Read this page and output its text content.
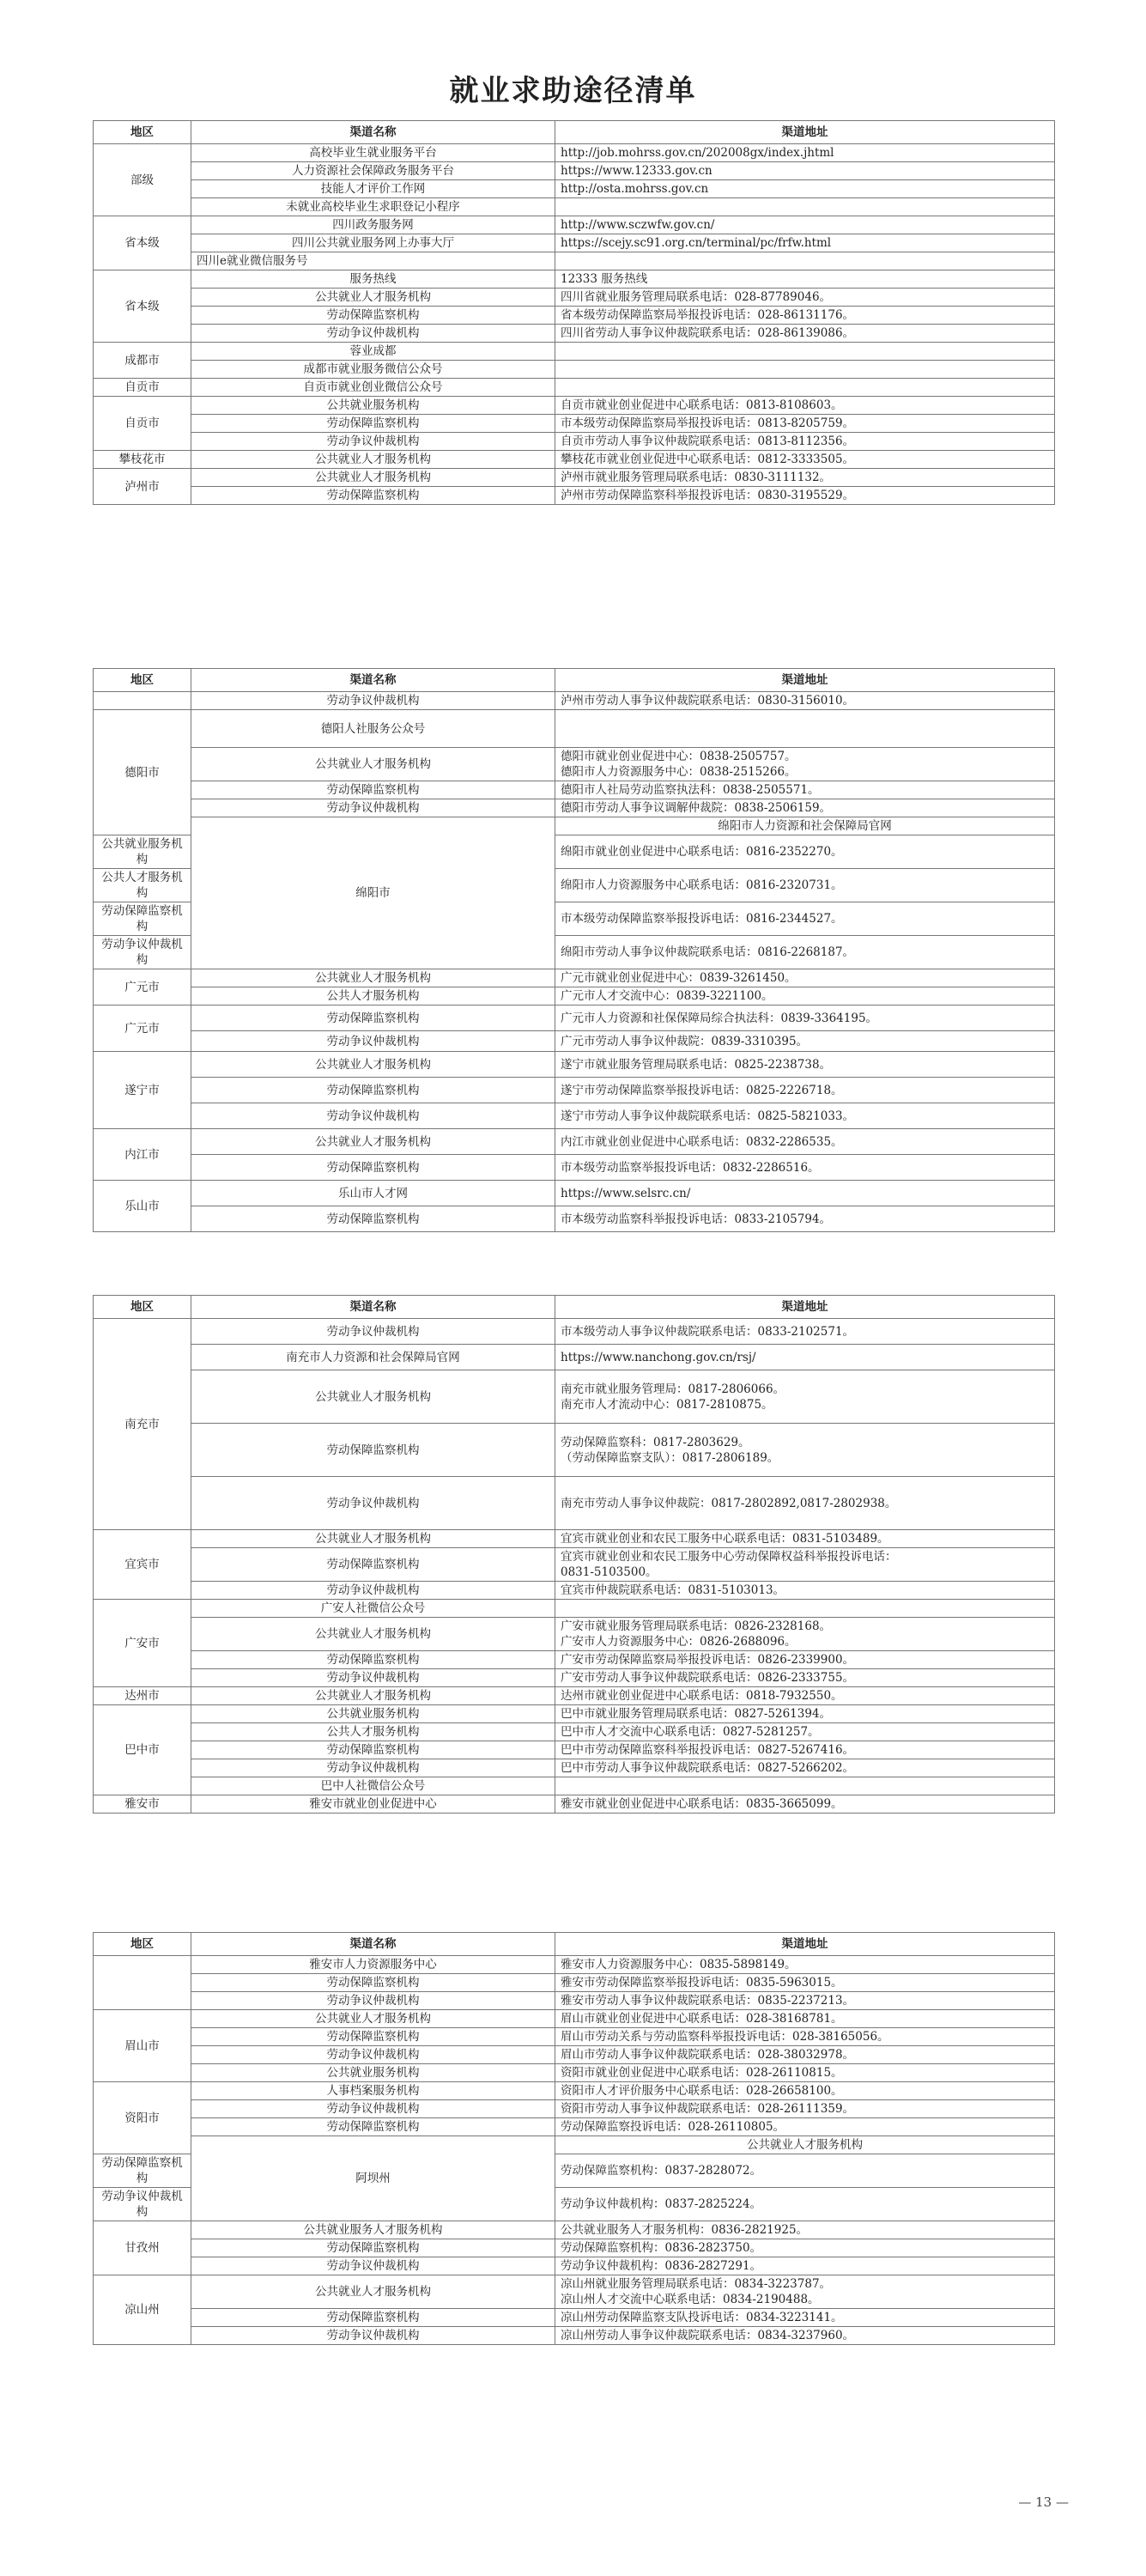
就业求助途径清单
地区	渠道名称	渠道地址
部级	高校毕业生就业服务平台	http://job.mohrss.gov.cn/202008gx/index.jhtml

	人力资源社会保障政务服务平台	https://www.12333.gov.cn

	技能人才评价工作网	http://osta.mohrss.gov.cn

	未就业高校毕业生求职登记小程序	

省本级	四川政务服务网	http://www.sczwfw.gov.cn/

	四川公共就业服务网上办事大厅	https://scejy.sc91.org.cn/terminal/pc/frfw.html

	四川e就业微信服务号	

省本级	服务热线	12333 服务热线

	公共就业人才服务机构	四川省就业服务管理局联系电话：028-87789046。

	劳动保障监察机构	省本级劳动保障监察局举报投诉电话：028-86131176。

	劳动争议仲裁机构	四川省劳动人事争议仲裁院联系电话：028-86139086。

成都市	蓉业成都	

	成都市就业服务微信公众号	

自贡市	自贡市就业创业微信公众号	

自贡市	公共就业服务机构	自贡市就业创业促进中心联系电话：0813-8108603。

	劳动保障监察机构	市本级劳动保障监察局举报投诉电话：0813-8205759。

	劳动争议仲裁机构	自贡市劳动人事争议仲裁院联系电话：0813-8112356。

攀枝花市	公共就业人才服务机构	攀枝花市就业创业促进中心联系电话：0812-3333505。

泸州市	公共就业人才服务机构	泸州市就业服务管理局联系电话：0830-3111132。

	劳动保障监察机构	泸州市劳动保障监察科举报投诉电话：0830-3195529。
地区	渠道名称	渠道地址	
	劳动争议仲裁机构	泸州市劳动人事争议仲裁院联系电话：0830-3156010。	

德阳市	德阳人社服务公众号		

	公共就业人才服务机构	德阳市就业创业促进中心：0838-2505757。
德阳市人力资源服务中心：0838-2515266。	

	劳动保障监察机构	德阳市人社局劳动监察执法科：0838-2505571。	

	劳动争议仲裁机构	德阳市劳动人事争议调解仲裁院：0838-2506159。	

	绵阳市	绵阳市人力资源和社会保障局官网	

公共就业服务机构		绵阳市就业创业促进中心联系电话：0816-2352270。	

公共人才服务机构		绵阳市人力资源服务中心联系电话：0816-2320731。	

劳动保障监察机构		市本级劳动保障监察举报投诉电话：0816-2344527。	

劳动争议仲裁机构		绵阳市劳动人事争议仲裁院联系电话：0816-2268187。	

广元市	公共就业人才服务机构	广元市就业创业促进中心：0839-3261450。	

	公共人才服务机构	广元市人才交流中心：0839-3221100。	

广元市	劳动保障监察机构	广元市人力资源和社保保障局综合执法科：0839-3364195。	

	劳动争议仲裁机构	广元市劳动人事争议仲裁院：0839-3310395。	

遂宁市	公共就业人才服务机构	遂宁市就业服务管理局联系电话：0825-2238738。	

	劳动保障监察机构	遂宁市劳动保障监察举报投诉电话：0825-2226718。	

	劳动争议仲裁机构	遂宁市劳动人事争议仲裁院联系电话：0825-5821033。	

内江市	公共就业人才服务机构	内江市就业创业促进中心联系电话：0832-2286535。	

	劳动保障监察机构	市本级劳动监察举报投诉电话：0832-2286516。	

乐山市	乐山市人才网	https://www.selsrc.cn/	

	劳动保障监察机构	市本级劳动监察科举报投诉电话：0833-2105794。	
地区	渠道名称	渠道地址
南充市	劳动争议仲裁机构	市本级劳动人事争议仲裁院联系电话：0833-2102571。

	南充市人力资源和社会保障局官网	https://www.nanchong.gov.cn/rsj/

	公共就业人才服务机构	南充市就业服务管理局：0817-2806066。
南充市人才流动中心：0817-2810875。

	劳动保障监察机构	劳动保障监察科：0817-2803629。
（劳动保障监察支队）：0817-2806189。

	劳动争议仲裁机构	南充市劳动人事争议仲裁院：0817-2802892,0817-2802938。

宜宾市	公共就业人才服务机构	宜宾市就业创业和农民工服务中心联系电话：0831-5103489。

	劳动保障监察机构	宜宾市就业创业和农民工服务中心劳动保障权益科举报投诉电话：
0831-5103500。

	劳动争议仲裁机构	宜宾市仲裁院联系电话：0831-5103013。

广安市	广安人社微信公众号	

	公共就业人才服务机构	广安市就业服务管理局联系电话：0826-2328168。
广安市人力资源服务中心：0826-2688096。

	劳动保障监察机构	广安市劳动保障监察局举报投诉电话：0826-2339900。

	劳动争议仲裁机构	广安市劳动人事争议仲裁院联系电话：0826-2333755。

达州市	公共就业人才服务机构	达州市就业创业促进中心联系电话：0818-7932550。

巴中市	公共就业服务机构	巴中市就业服务管理局联系电话：0827-5261394。

	公共人才服务机构	巴中市人才交流中心联系电话：0827-5281257。

	劳动保障监察机构	巴中市劳动保障监察科举报投诉电话：0827-5267416。

	劳动争议仲裁机构	巴中市劳动人事争议仲裁院联系电话：0827-5266202。

	巴中人社微信公众号	

雅安市	雅安市就业创业促进中心	雅安市就业创业促进中心联系电话：0835-3665099。
地区	渠道名称	渠道地址	
	雅安市人力资源服务中心	雅安市人力资源服务中心：0835-5898149。	

	劳动保障监察机构	雅安市劳动保障监察举报投诉电话：0835-5963015。	

	劳动争议仲裁机构	雅安市劳动人事争议仲裁院联系电话：0835-2237213。	

眉山市	公共就业人才服务机构	眉山市就业创业促进中心联系电话：028-38168781。	

	劳动保障监察机构	眉山市劳动关系与劳动监察科举报投诉电话：028-38165056。	

	劳动争议仲裁机构	眉山市劳动人事争议仲裁院联系电话：028-38032978。	

	公共就业服务机构	资阳市就业创业促进中心联系电话：028-26110815。	

资阳市	人事档案服务机构	资阳市人才评价服务中心联系电话：028-26658100。	

	劳动争议仲裁机构	资阳市劳动人事争议仲裁院联系电话：028-26111359。	

	劳动保障监察机构	劳动保障监察投诉电话：028-26110805。	

	阿坝州	公共就业人才服务机构	

劳动保障监察机构		劳动保障监察机构：0837-2828072。	

劳动争议仲裁机构		劳动争议仲裁机构：0837-2825224。	

甘孜州	公共就业服务人才服务机构	公共就业服务人才服务机构：0836-2821925。	

	劳动保障监察机构	劳动保障监察机构：0836-2823750。	

	劳动争议仲裁机构	劳动争议仲裁机构：0836-2827291。	

凉山州	公共就业人才服务机构	凉山州就业服务管理局联系电话：0834-3223787。
凉山州人才交流中心联系电话：0834-2190488。	

	劳动保障监察机构	凉山州劳动保障监察支队投诉电话：0834-3223141。	

	劳动争议仲裁机构	凉山州劳动人事争议仲裁院联系电话：0834-3237960。	
— 13 —
